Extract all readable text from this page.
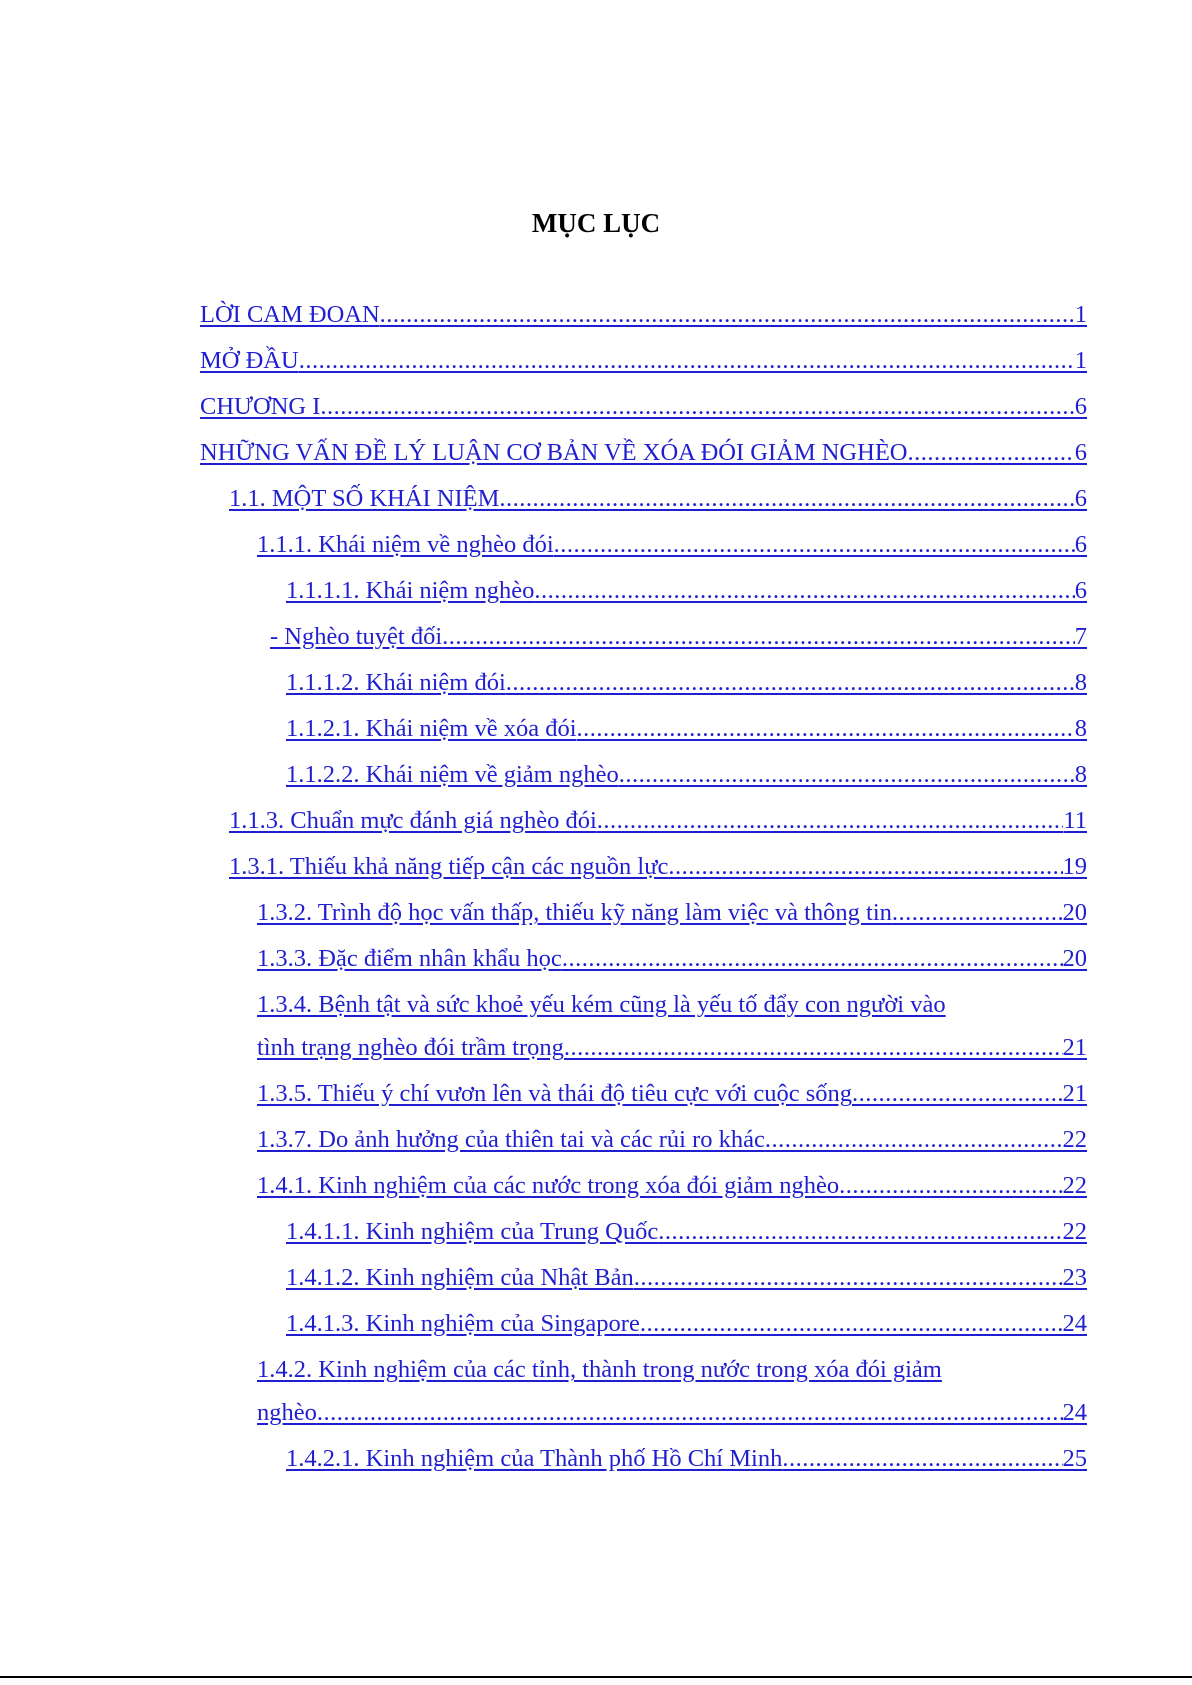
MỤC LỤC
LỜI CAM ĐOAN .....	1
MỞ ĐẦU .....	1
CHƯƠNG I .....	6
NHỮNG VẤN ĐỀ LÝ LUẬN CƠ BẢN VỀ XÓA ĐÓI GIẢM NGHÈO .....	6
1.1. MỘT SỐ KHÁI NIỆM .....	6
1.1.1. Khái niệm về nghèo đói .....	6
1.1.1.1. Khái niệm nghèo .....	6
- Nghèo tuyệt đối .....	7
1.1.1.2. Khái niệm đói .....	8
1.1.2.1. Khái niệm về xóa đói .....	8
1.1.2.2. Khái niệm về giảm nghèo .....	8
1.1.3. Chuẩn mực đánh giá nghèo đói .....	11
1.3.1. Thiếu khả năng tiếp cận các nguồn lực .....	19
1.3.2. Trình độ học vấn thấp, thiếu kỹ năng làm việc và thông tin .....	20
1.3.3. Đặc điểm nhân khẩu học .....	20
1.3.4. Bệnh tật và sức khoẻ yếu kém cũng là yếu tố đẩy con người vào
tình trạng nghèo đói trầm trọng .....	21
1.3.5. Thiếu ý chí vươn lên và thái độ tiêu cực với cuộc sống .....	21
1.3.7. Do ảnh hưởng của thiên tai và các rủi ro khác .....	22
1.4.1. Kinh nghiệm của các nước trong xóa đói giảm nghèo .....	22
1.4.1.1. Kinh nghiệm của Trung Quốc .....	22
1.4.1.2. Kinh nghiệm của Nhật Bản .....	23
1.4.1.3. Kinh nghiệm của Singapore .....	24
1.4.2. Kinh nghiệm của các tỉnh, thành trong nước trong xóa đói giảm
nghèo .....	24
1.4.2.1. Kinh nghiệm của Thành phố Hồ Chí Minh .....	25
